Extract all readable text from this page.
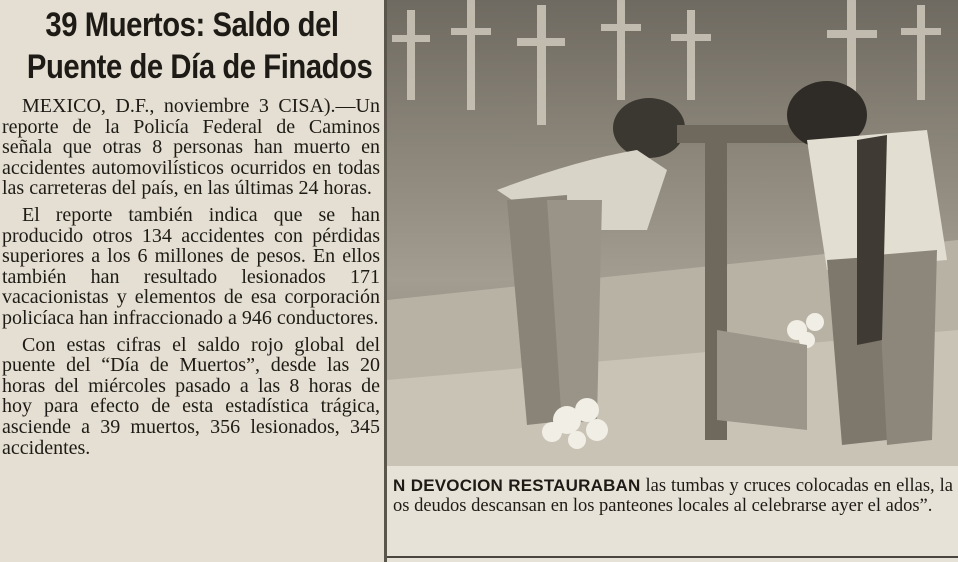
39 Muertos: Saldo del
Puente de Día de Finados

MEXICO, D.F., noviembre 3 CISA).—Un reporte de la Policía Federal de Caminos señala que otras 8 personas han muerto en accidentes automovilísticos ocurridos en todas las carreteras del país, en las últimas 24 horas.

El reporte también indica que se han producido otros 134 accidentes con pérdidas superiores a los 6 millones de pesos. En ellos también han resultado lesionados 171 vacacionistas y elementos de esa corporación policíaca han infraccionado a 946 conductores.

Con estas cifras el saldo rojo global del puente del “Día de Muertos”, desde las 20 horas del miércoles pasado a las 8 horas de hoy para efecto de esta estadística trágica, asciende a 39 muertos, 356 lesionados, 345 accidentes.

N DEVOCION RESTAURABAN las tumbas y cruces colocadas en ellas, la os deudos descansan en los panteones locales al celebrarse ayer el ados”.
